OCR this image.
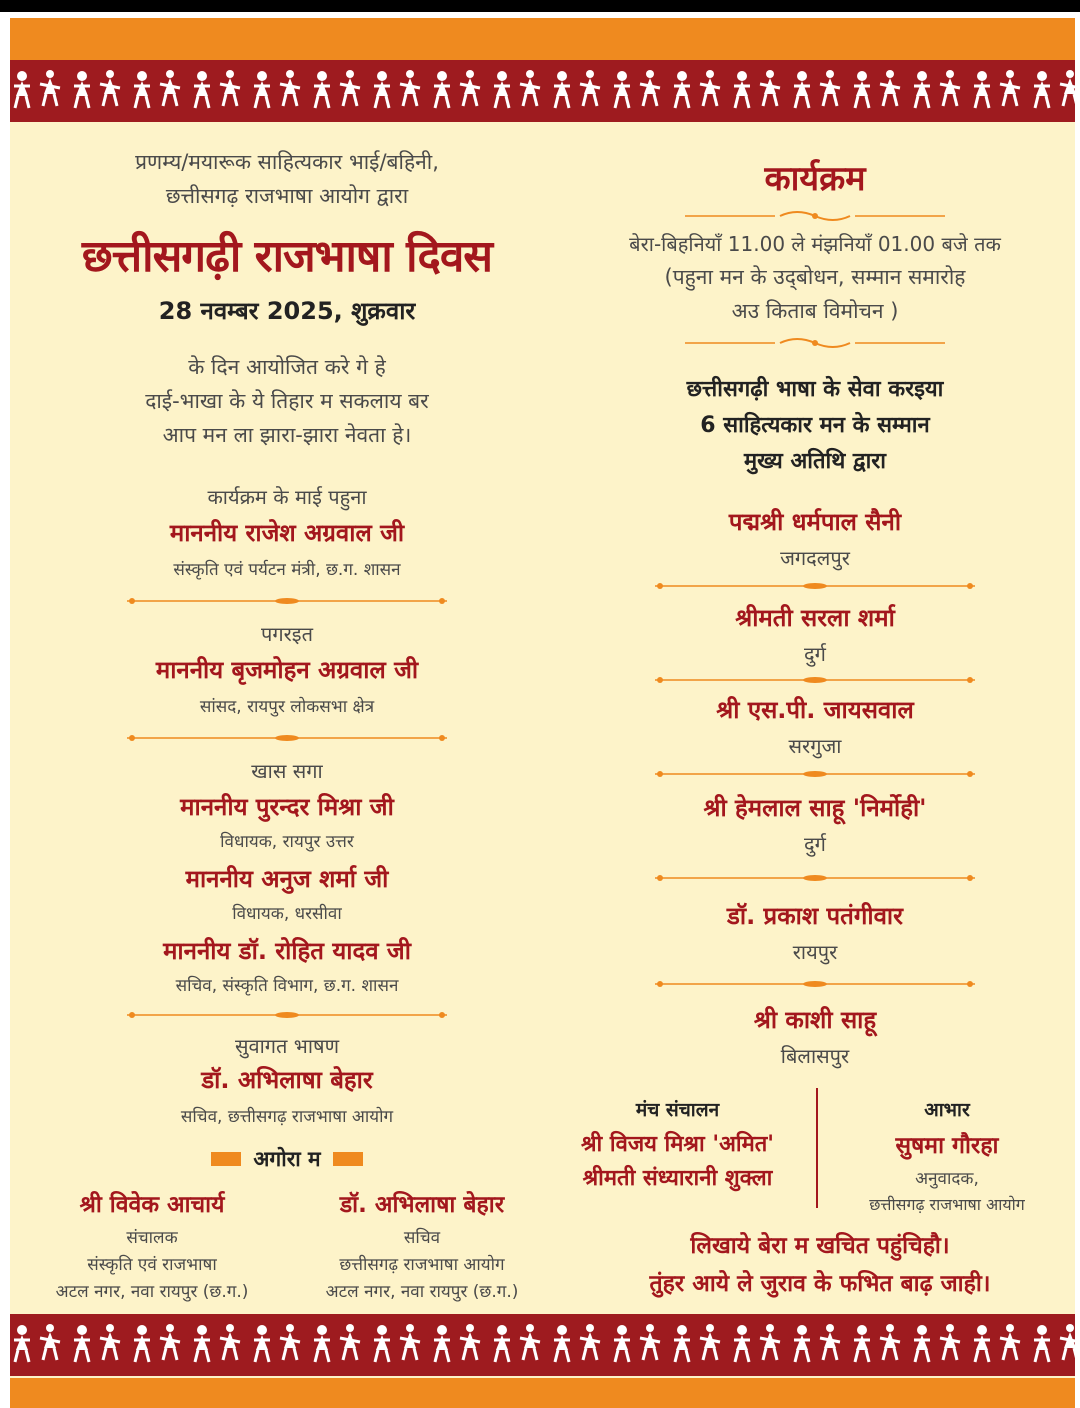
प्रणम्य/मयारूक साहित्यकार भाई/बहिनी,

छत्तीसगढ़ राजभाषा आयोग द्वारा

छत्तीसगढ़ी राजभाषा दिवस

28 नवम्बर 2025, शुक्रवार

के दिन आयोजित करे गे हे

दाई-भाखा के ये तिहार म सकलाय बर

आप मन ला झारा-झारा नेवता हे।

कार्यक्रम के माई पहुना

माननीय राजेश अग्रवाल जी

संस्कृति एवं पर्यटन मंत्री, छ.ग. शासन

पगरइत

माननीय बृजमोहन अग्रवाल जी

सांसद, रायपुर लोकसभा क्षेत्र

खास सगा

माननीय पुरन्दर मिश्रा जी

विधायक, रायपुर उत्तर

माननीय अनुज शर्मा जी

विधायक, धरसीवा

माननीय डॉ. रोहित यादव जी

सचिव, संस्कृति विभाग, छ.ग. शासन

सुवागत भाषण

डॉ. अभिलाषा बेहार

सचिव, छत्तीसगढ़ राजभाषा आयोग

अगोरा म

श्री विवेक आचार्य

संचालक

संस्कृति एवं राजभाषा

अटल नगर, नवा रायपुर (छ.ग.)

डॉ. अभिलाषा बेहार

सचिव

छत्तीसगढ़ राजभाषा आयोग

अटल नगर, नवा रायपुर (छ.ग.)

कार्यक्रम

बेरा-बिहनियाँ 11.00 ले मंझनियाँ 01.00 बजे तक

(पहुना मन के उद्‌बोधन, सम्मान समारोह

अउ किताब विमोचन )

छत्तीसगढ़ी भाषा के सेवा करइया

6 साहित्यकार मन के सम्मान

मुख्य अतिथि द्वारा

पद्मश्री धर्मपाल सैनी

जगदलपुर

श्रीमती सरला शर्मा

दुर्ग

श्री एस.पी. जायसवाल

सरगुजा

श्री हेमलाल साहू 'निर्मोही'

दुर्ग

डॉ. प्रकाश पतंगीवार

रायपुर

श्री काशी साहू

बिलासपुर

मंच संचालन

श्री विजय मिश्रा 'अमित'

श्रीमती संध्यारानी शुक्ला

आभार

सुषमा गौरहा

अनुवादक,

छत्तीसगढ़ राजभाषा आयोग

लिखाये बेरा म खचित पहुंचिहौ।

तुंहर आये ले जुराव के फभित बाढ़ जाही।
